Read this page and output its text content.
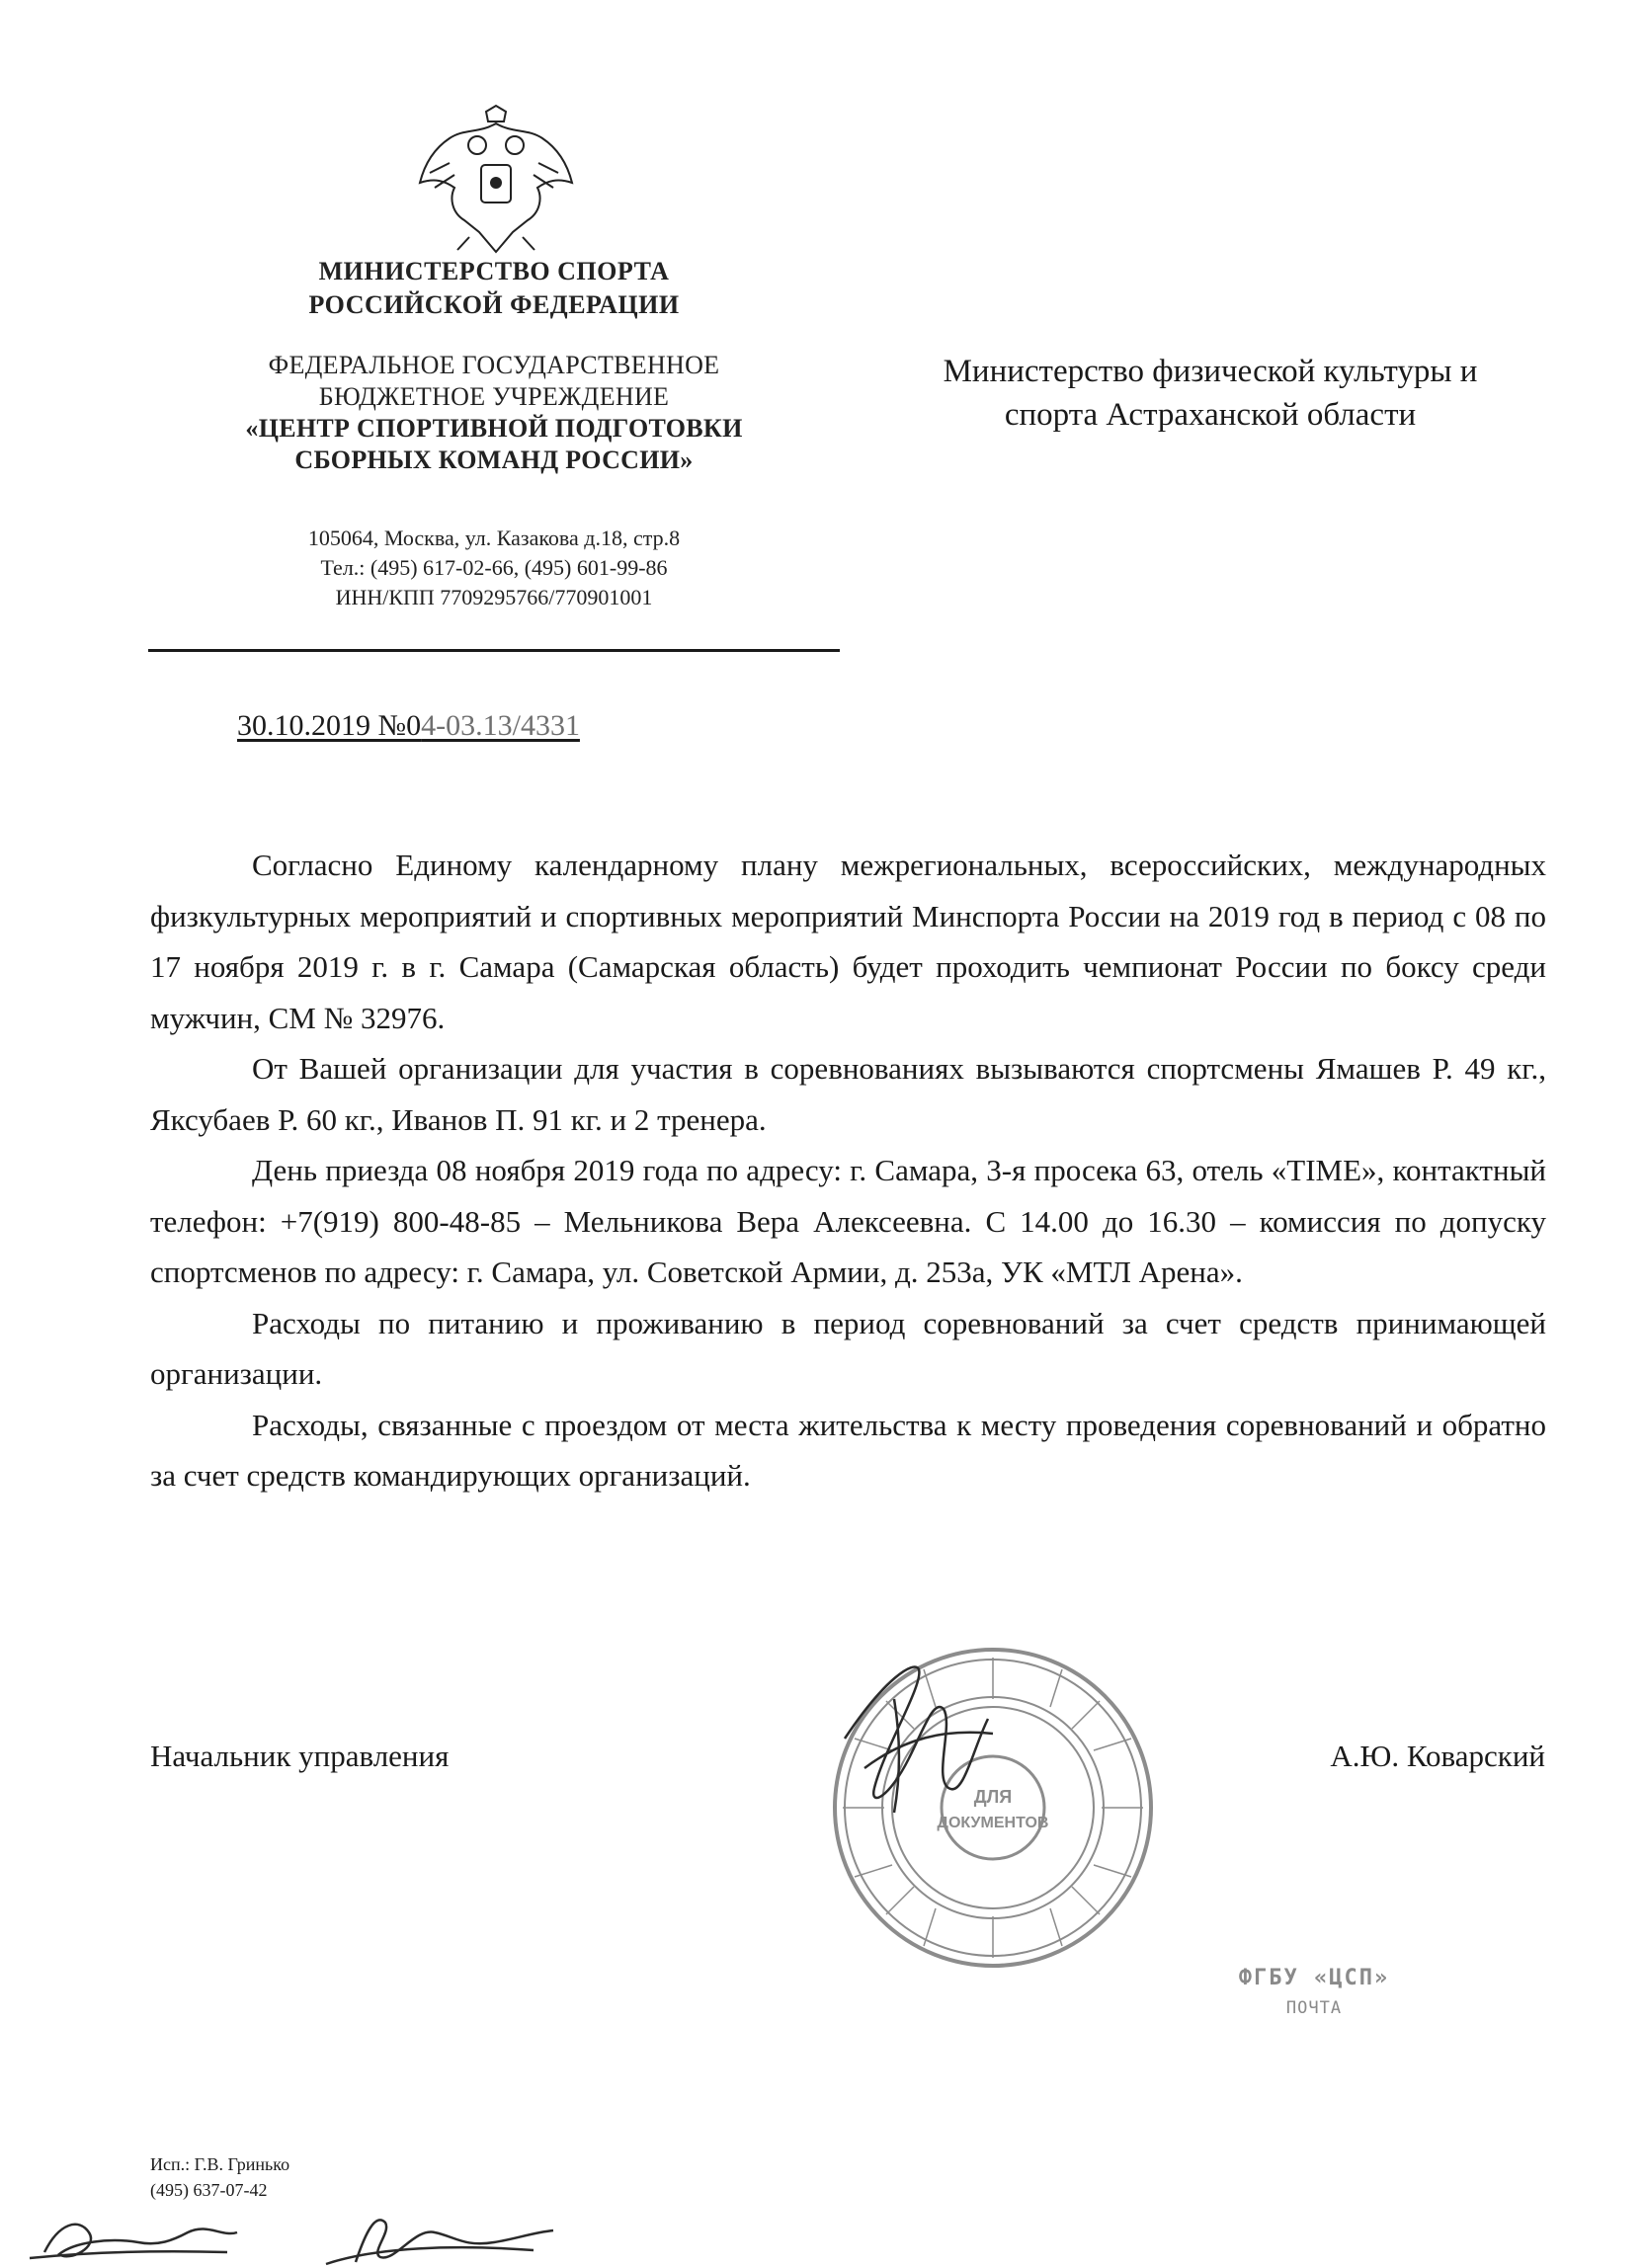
МИНИСТЕРСТВО СПОРТА
РОССИЙСКОЙ ФЕДЕРАЦИИ
ФЕДЕРАЛЬНОЕ ГОСУДАРСТВЕННОЕ
БЮДЖЕТНОЕ УЧРЕЖДЕНИЕ
«ЦЕНТР СПОРТИВНОЙ ПОДГОТОВКИ
СБОРНЫХ КОМАНД РОССИИ»
105064, Москва, ул. Казакова д.18, стр.8
Тел.: (495) 617-02-66, (495) 601-99-86
ИНН/КПП 7709295766/770901001
Министерство физической культуры и
спорта Астраханской области
30.10.2019 №04-03.13/4331

Согласно Единому календарному плану межрегиональных, всероссийских, международных физкультурных мероприятий и спортивных мероприятий Минспорта России на 2019 год в период с 08 по 17 ноября 2019 г. в г. Самара (Самарская область) будет проходить чемпионат России по боксу среди мужчин, СМ № 32976.

От Вашей организации для участия в соревнованиях вызываются спортсмены Ямашев Р. 49 кг., Яксубаев Р. 60 кг., Иванов П. 91 кг. и 2 тренера.

День приезда 08 ноября 2019 года по адресу: г. Самара, 3-я просека 63, отель «TIME», контактный телефон: +7(919) 800-48-85 – Мельникова Вера Алексеевна. С 14.00 до 16.30 – комиссия по допуску спортсменов по адресу: г. Самара, ул. Советской Армии, д. 253а, УК «МТЛ Арена».

Расходы по питанию и проживанию в период соревнований за счет средств принимающей организации.

Расходы, связанные с проездом от места жительства к месту проведения соревнований и обратно за счет средств командирующих организаций.

Начальник управления	А.Ю. Коварский
ДЛЯ
ДОКУМЕНТОВ
ФГБУ «ЦСП»
ПОЧТА
Исп.: Г.В. Гринько
(495) 637-07-42
